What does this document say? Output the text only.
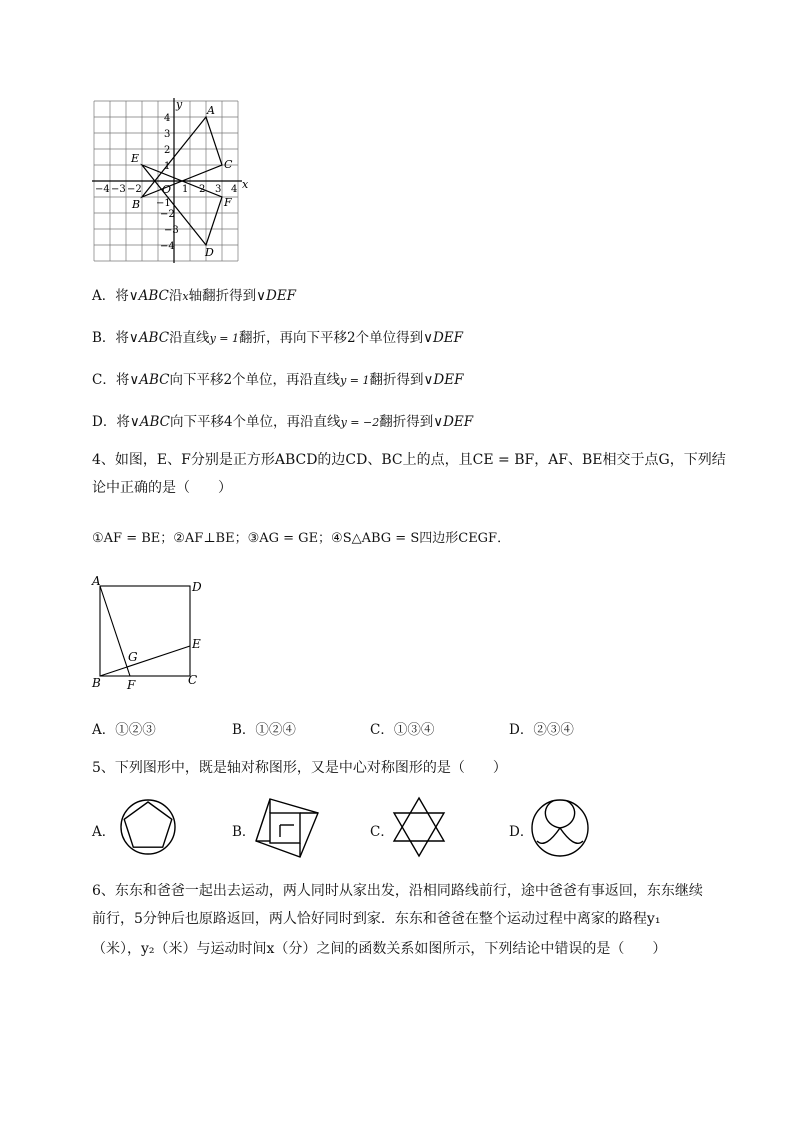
y
x
A
C
E
B
O
F
D
−4 −3 −2
−1
1 2 3 4
4
3
2
1
−2
−3
−4
A．将∨ABC沿x轴翻折得到∨DEF
B．将∨ABC沿直线y = 1翻折，再向下平移2个单位得到∨DEF
C．将∨ABC向下平移2个单位，再沿直线y = 1翻折得到∨DEF
D．将∨ABC向下平移4个单位，再沿直线y = −2翻折得到∨DEF
4、如图，E、F分别是正方形ABCD的边CD、BC上的点，且CE = BF，AF、BE相交于点G，下列结论中正确的是（　　）
①AF = BE；②AF⊥BE；③AG = GE；④S△ABG = S四边形CEGF．
A	D
E
G
B F	C
A．①②③	B．①②④	C．①③④	D．②③④
5、下列图形中，既是轴对称图形，又是中心对称图形的是（　　）
A．	B．	C．	D．
6、东东和爸爸一起出去运动，两人同时从家出发，沿相同路线前行，途中爸爸有事返回，东东继续
前行，5分钟后也原路返回，两人恰好同时到家．东东和爸爸在整个运动过程中离家的路程y₁
（米），y₂（米）与运动时间x（分）之间的函数关系如图所示，下列结论中错误的是（　　）
